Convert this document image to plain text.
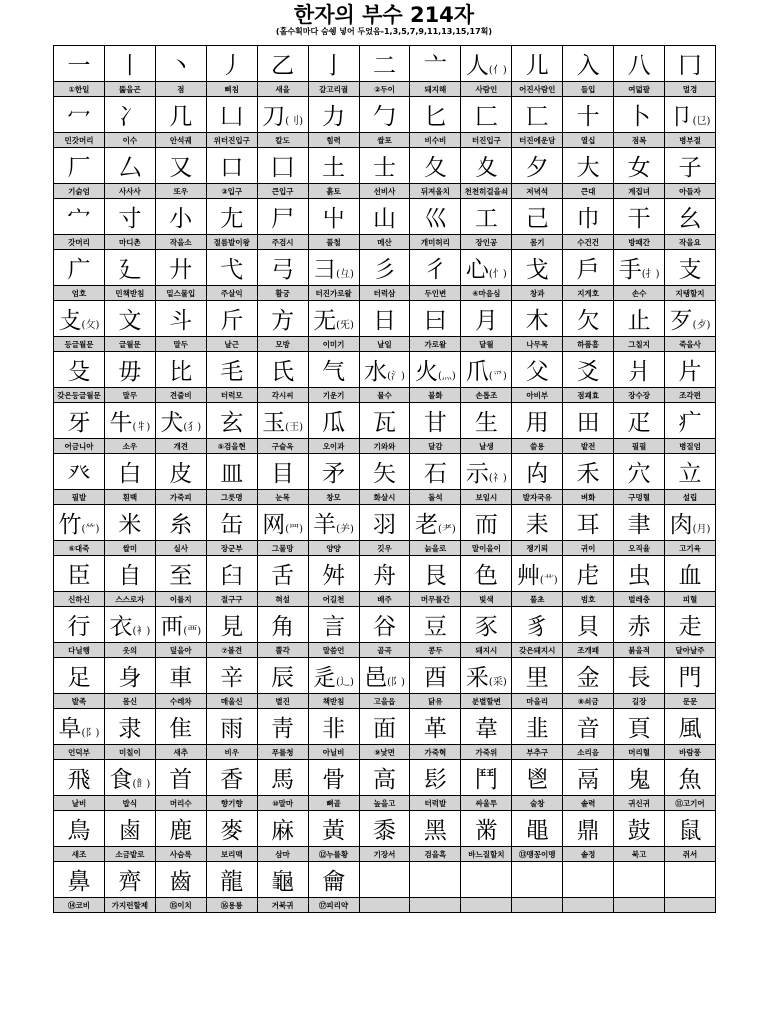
한자의 부수 214자
(홀수획마다 숨쉥 넣어 두었음-1,3,5,7,9,11,13,15,17획)
一	丨	丶	丿	乙	亅	二	亠	人(亻)	儿	入	八	冂
①한일	뚫을곤	점	삐침	새을	갈고리궐	②두이	돼지해	사람인	어진사람인	들입	여덟팔	멀경
冖	冫	几	凵	刀(刂)	力	勹	匕	匚	匸	十	卜	卩(㔾)
민갓머리	이수	안석궤	위터진입구	칼도	힘력	쌀포	비수비	터진입구	터진에운담	열십	점복	병부절
厂	厶	又	口	囗	土	士	夂	夊	夕	大	女	子
기슭엄	사사사	또우	③입구	큰입구	흙토	선비사	뒤져올치	천천히걸을쇠	저녁석	큰대	계집녀	아들자
宀	寸	小	尢	尸	屮	山	巛	工	己	巾	干	幺
갓머리	마디촌	작을소	절름발이왕	주검시	풀철	메산	개미허리	장인공	몸기	수건건	방패간	작을요
广	廴	廾	弋	弓	彐(彑)	彡	彳	心(忄)	戈	戶	手(扌)	支
엄호	민책받침	밑스물입	주살익	활궁	터진가로왈	터럭삼	두인변	④마음심	창과	지게호	손수	지탱할지
攴(攵)	文	斗	斤	方	无(旡)	日	曰	月	木	欠	止	歹(歺)
등글월문	글월문	말두	날근	모방	이미기	날일	가로왈	달월	나무목	하품흠	그칠지	죽을사
殳	毋	比	毛	氏	气	水(氵)	火(灬)	爪(爫)	父	爻	爿	片
갖은등글월문	말무	견줄비	터럭모	각시씨	기운기	물수	불화	손톱조	아비부	점괘효	장수장	조각편
牙	牛(牜)	犬(犭)	玄	玉(王)	瓜	瓦	甘	生	用	田	疋	疒
어금니아	소우	개견	⑤검을현	구슬옥	오이과	기와와	달감	날생	쓸용	밭전	필필	병질엄
癶	白	皮	皿	目	矛	矢	石	示(礻)	禸	禾	穴	立
필발	흰백	가죽피	그릇명	눈목	창모	화살시	돌석	보일시	발자국유	벼화	구멍혈	설립
竹(⺮)	米	糸	缶	网(罒)	羊(⺶)	羽	老(耂)	而	耒	耳	聿	肉(月)
⑥대죽	쌀미	실사	장군부	그물망	양양	깃우	늙을로	말이을이	쟁기뢰	귀이	오직율	고기육
臣	自	至	臼	舌	舛	舟	艮	色	艸(艹)	虍	虫	血
신하신	스스로자	이를지	절구구	혀설	어길천	배주	머무를간	빛색	풀초	범호	벌레충	피혈
行	衣(衤)	襾(覀)	見	角	言	谷	豆	豕	豸	貝	赤	走
다닐행	옷의	덮을아	⑦볼견	뿔각	말씀언	골곡	콩두	돼지시	갖은돼지시	조개패	붉을적	달아날주
足	身	車	辛	辰	辵(辶)	邑(阝)	酉	釆(采)	里	金	長	門
발족	몸신	수레차	매울신	별진	책받침	고을읍	닭유	분별할변	마을리	⑧쇠금	길장	문문
阜(阝)	隶	隹	雨	靑	非	面	革	韋	韭	音	頁	風
언덕부	미칠이	새추	비우	푸를청	아닐비	⑨낯면	가죽혁	가죽위	부추구	소리음	머리혈	바람풍
飛	食(飠)	首	香	馬	骨	高	髟	鬥	鬯	鬲	鬼	魚
날비	밥식	머리수	향기향	⑩말마	뼈골	높을고	터럭발	싸울투	술창	솥력	귀신귀	⑪고기어
鳥	鹵	鹿	麥	麻	黃	黍	黑	黹	黽	鼎	鼓	鼠
새조	소금밭로	사슴록	보리맥	삼마	⑫누를황	기장서	검을흑	바느질할치	⑬맹꽁이맹	솥정	북고	쥐서
鼻	齊	齒	龍	龜	龠							
⑭코비	가지런할제	⑮이치	⑯용룡	거북귀	⑰피리약							
